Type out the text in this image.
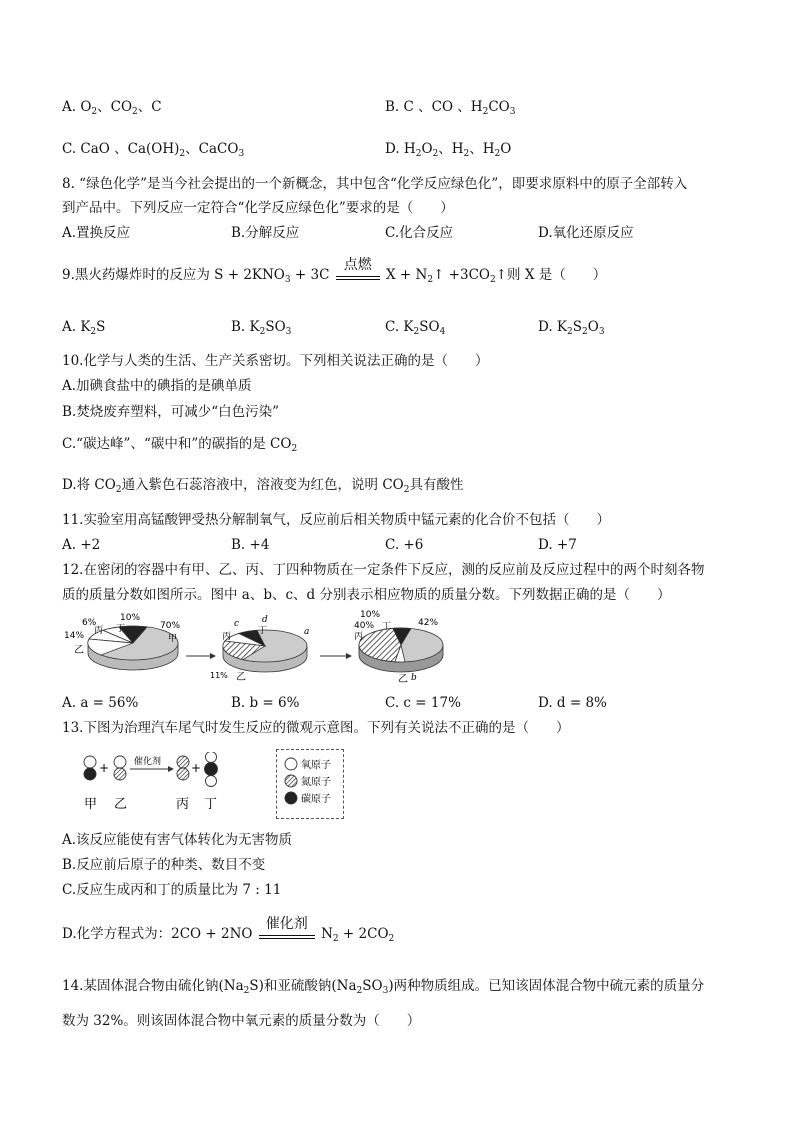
A. $O_2$、$CO_2$、C	B. C 、CO 、$H_2CO_3$
C. CaO 、$Ca(OH)_2$、CaCO$_3$	D. $H_2O_2$、$H_2$、$H_2O$
8. “绿色化学”是当今社会提出的一个新概念，其中包含“化学反应绿色化”，即要求原料中的原子全部转入
到产品中。下列反应一定符合“化学反应绿色化”要求的是（　　）
A.置换反应	B.分解反应	C.化合反应	D.氧化还原反应
9.黑火药爆炸时的反应为 $S + 2KNO_3 + 3C$
点燃
$X + N_2↑$ $+3CO_2↑$则 X 是（　　）
A. $K_2S$	B. $K_2SO_3$	C. $K_2SO_4$	D. $K_2S_2O_3$
10.化学与人类的生活、生产关系密切。下列相关说法正确的是（　　）
A.加碘食盐中的碘指的是碘单质
B.焚烧废弃塑料，可减少“白色污染”
C.“碳达峰”、“碳中和”的碳指的是 $CO_2$
D.将 $CO_2$通入紫色石蕊溶液中，溶液变为红色，说明 $CO_2$具有酸性
11.实验室用高锰酸钾受热分解制氧气，反应前后相关物质中锰元素的化合价不包括（　　）
A. +2	B. +4	C. +6	D. +7
12.在密闭的容器中有甲、乙、丙、丁四种物质在一定条件下反应，测的反应前及反应过程中的两个时刻各物
质的质量分数如图所示。图中 a、b、c、d 分别表示相应物质的质量分数。下列数据正确的是（　　）
10%
6%
丙 丁
14%
乙
70%
甲	丙
c	d
丁	a
11% 乙
10%
40%
丙
丁	42%
乙 b
A. a = 56%	B. b = 6%	C. c = 17%	D. d = 8%
13.下图为治理汽车尾气时发生反应的微观示意图。下列有关说法不正确的是（　　）
+	催化剂 +
甲 乙	丙 丁
氧原子
氮原子
碳原子
A.该反应能使有害气体转化为无害物质
B.反应前后原子的种类、数目不变
C.反应生成丙和丁的质量比为 7 : 11
D.化学方程式为：2CO + 2NO
催化剂
$N_2 + 2CO_2$
14.某固体混合物由硫化钠$(Na_2S)$和亚硫酸钠$(Na_2SO_3)$两种物质组成。已知该固体混合物中硫元素的质量分
数为 32%。则该固体混合物中氧元素的质量分数为（　　）
